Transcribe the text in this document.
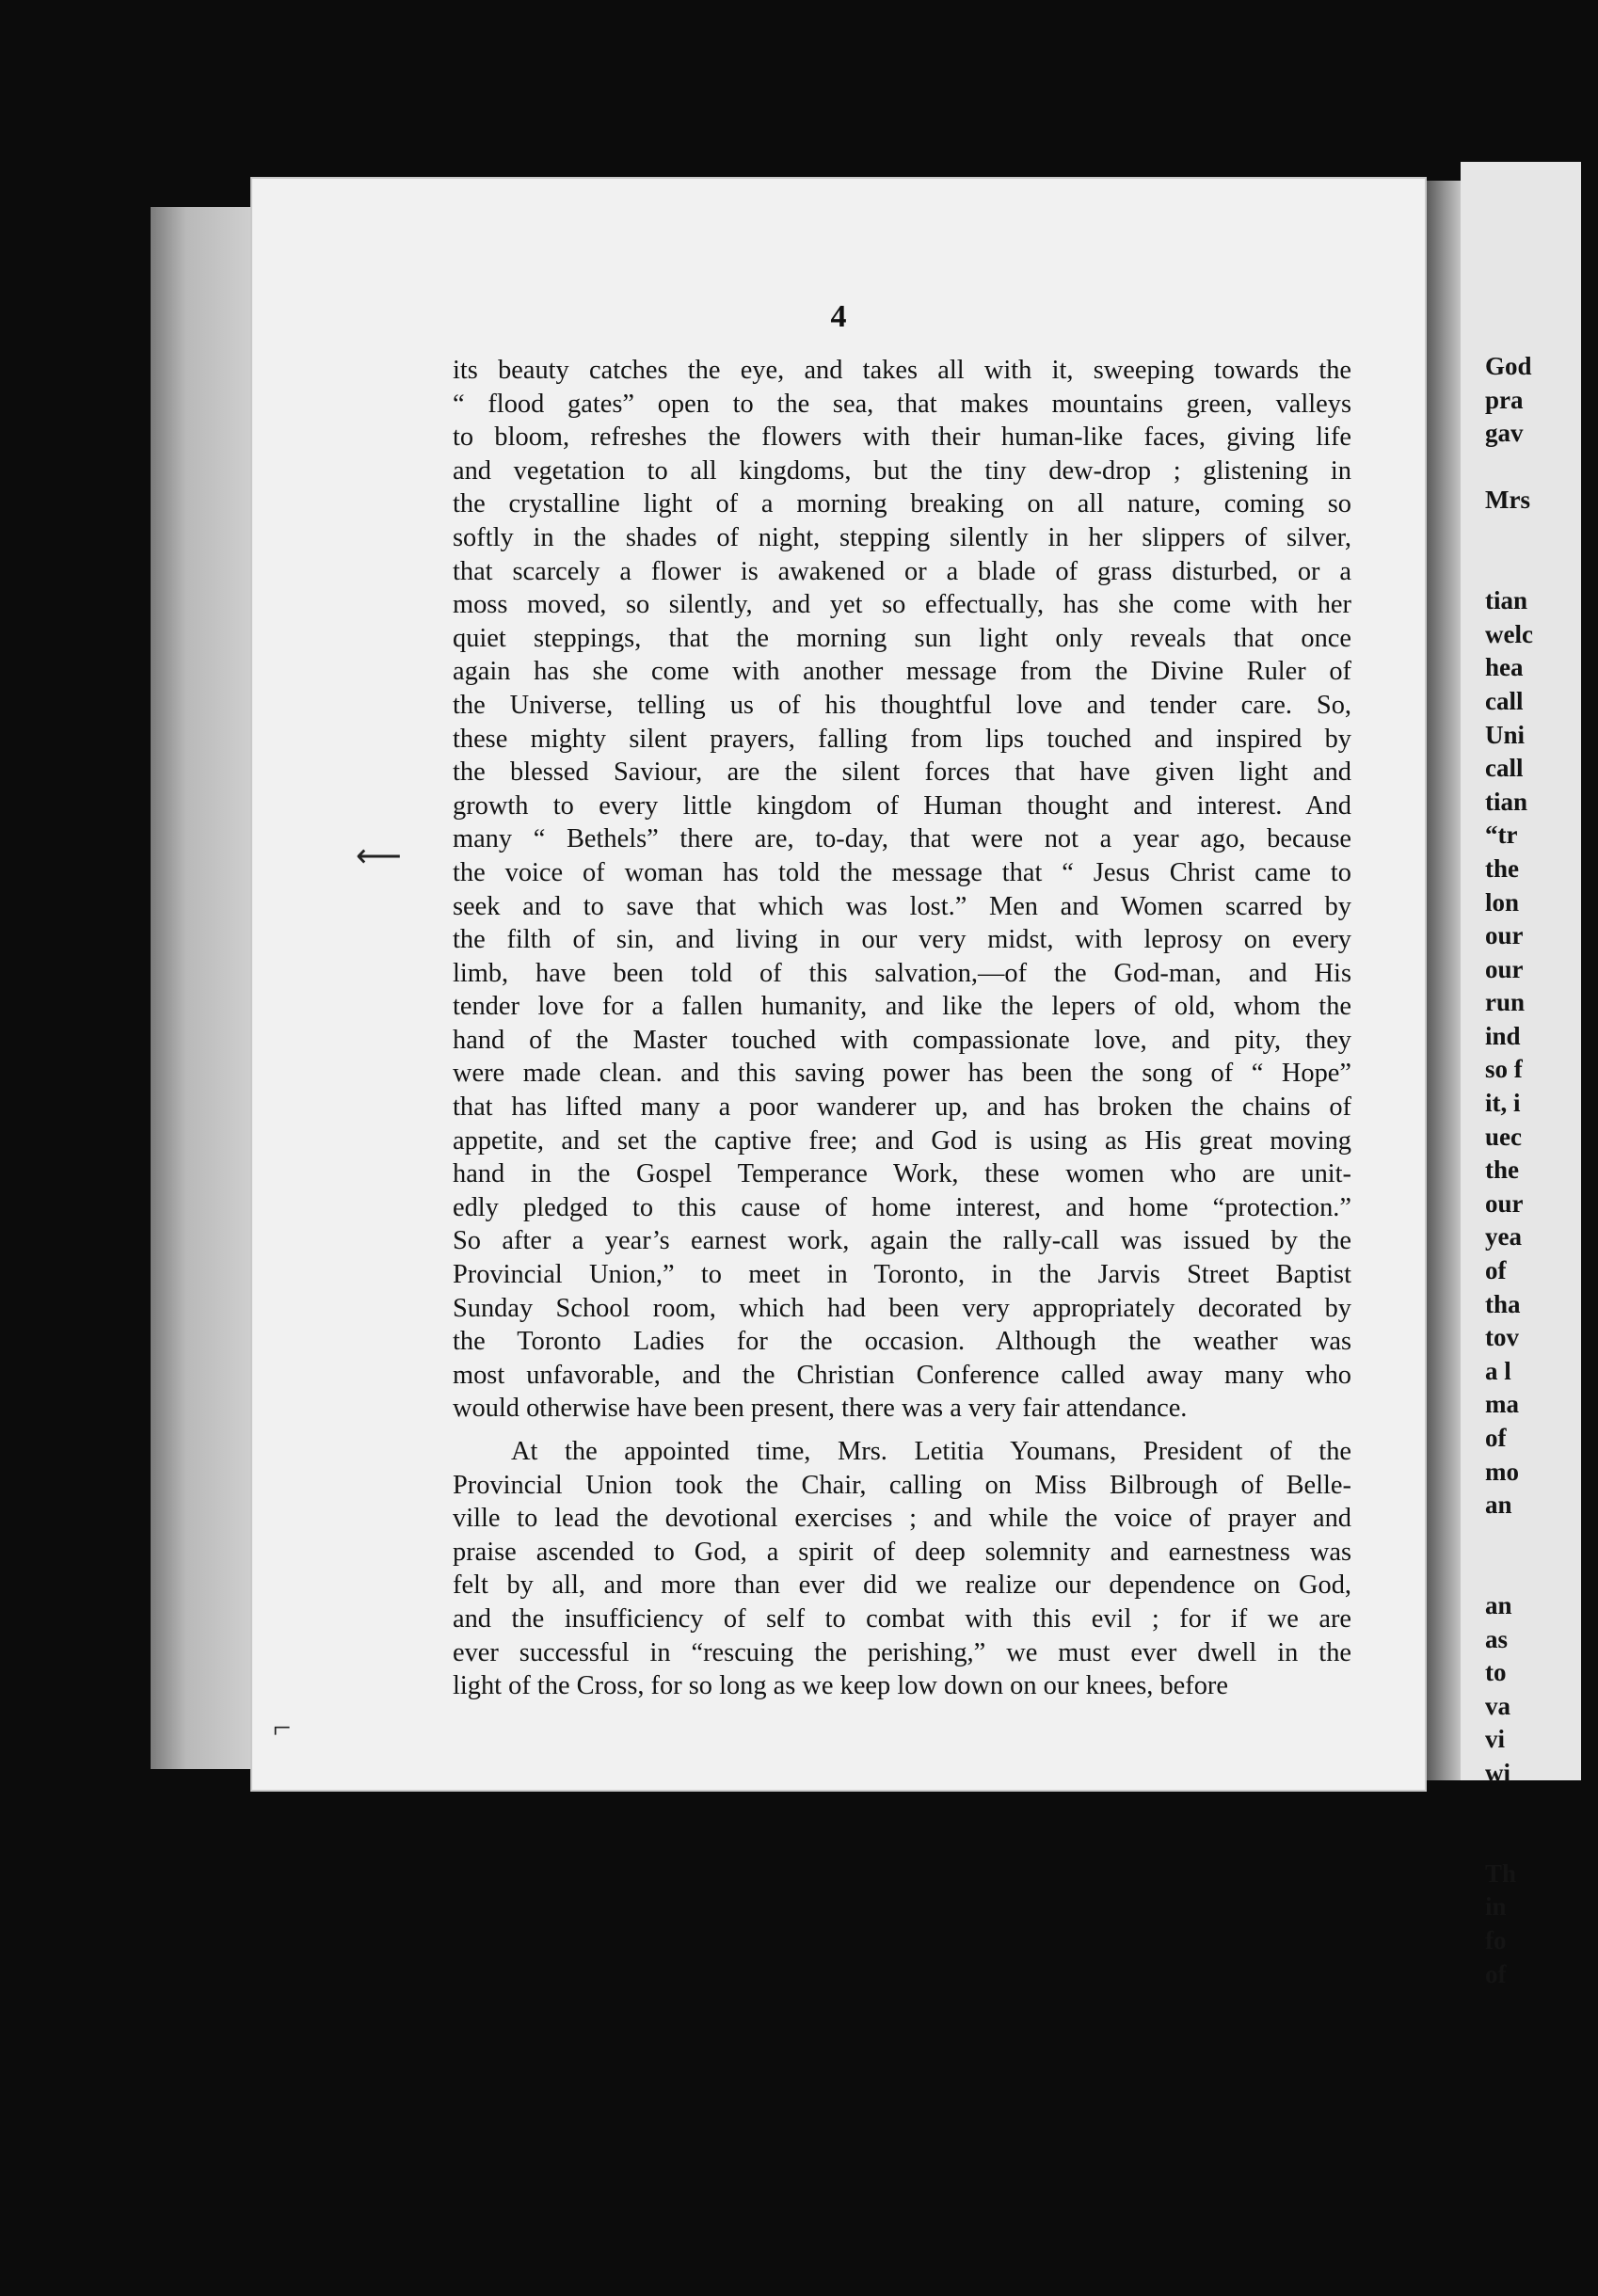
4
its beauty catches the eye, and takes all with it, sweeping towards the
“ flood gates” open to the sea, that makes mountains green, valleys
to bloom, refreshes the flowers with their human-like faces, giving life
and vegetation to all kingdoms, but the tiny dew-drop ; glistening in
the crystalline light of a morning breaking on all nature, coming so
softly in the shades of night, stepping silently in her slippers of silver,
that scarcely a flower is awakened or a blade of grass disturbed, or a
moss moved, so silently, and yet so effectually, has she come with her
quiet steppings, that the morning sun light only reveals that once
again has she come with another message from the Divine Ruler of
the Universe, telling us of his thoughtful love and tender care. So,
these mighty silent prayers, falling from lips touched and inspired by
the blessed Saviour, are the silent forces that have given light and
growth to every little kingdom of Human thought and interest. And
many “ Bethels” there are, to-day, that were not a year ago, because
the voice of woman has told the message that “ Jesus Christ came to
seek and to save that which was lost.” Men and Women scarred by
the filth of sin, and living in our very midst, with leprosy on every
limb, have been told of this salvation,—of the God-man, and His
tender love for a fallen humanity, and like the lepers of old, whom the
hand of the Master touched with compassionate love, and pity, they
were made clean. and this saving power has been the song of “ Hope”
that has lifted many a poor wanderer up, and has broken the chains of
appetite, and set the captive free; and God is using as His great moving
hand in the Gospel Temperance Work, these women who are unit-
edly pledged to this cause of home interest, and home “protection.”
So after a year’s earnest work, again the rally-call was issued by the
Provincial Union,” to meet in Toronto, in the Jarvis Street Baptist
Sunday School room, which had been very appropriately decorated by
the Toronto Ladies for the occasion. Although the weather was
most unfavorable, and the Christian Conference called away many who
would otherwise have been present, there was a very fair attendance.
At the appointed time, Mrs. Letitia Youmans, President of the
Provincial Union took the Chair, calling on Miss Bilbrough of Belle-
ville to lead the devotional exercises ; and while the voice of prayer and
praise ascended to God, a spirit of deep solemnity and earnestness was
felt by all, and more than ever did we realize our dependence on God,
and the insufficiency of self to combat with this evil ; for if we are
ever successful in “rescuing the perishing,” we must ever dwell in the
light of the Cross, for so long as we keep low down on our knees, before
God
pra
gav
Mrs
tian
welc
hea
call
Uni
call
tian
“tr
the
lon
our
our
run
ind
so f
it, i
uec
the
our
yea
of
tha
tov
a l
ma
of
mo
an
an
as
to
va
vi
wi
Th
in
fo
of
⟵
⌐
